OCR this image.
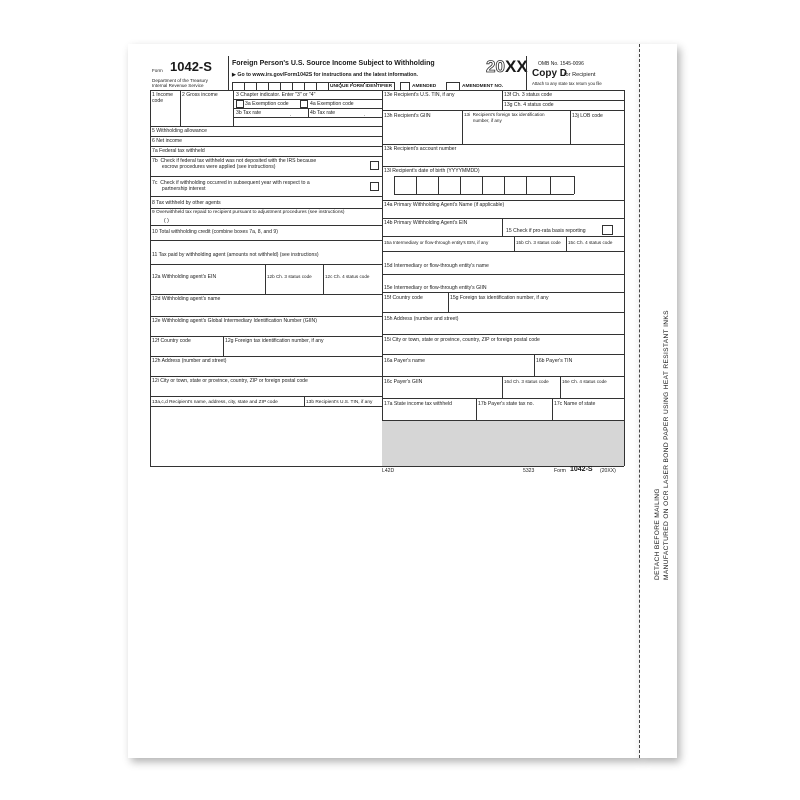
DETACH BEFORE MAILING MANUFACTURED ON OCR LASER BOND PAPER USING HEAT RESISTANT INKS
Form 1042-S
Department of the Treasury
Internal Revenue Service
Foreign Person's U.S. Source Income Subject to Withholding
▶ Go to www.irs.gov/Form1042S for instructions and the latest information.	20 XX OMB No. 1545-0096
Copy D
for Recipient
Attach to any state tax return you file
UNIQUE FORM IDENTIFIER	AMENDED	AMENDMENT NO.
1 Income
code
2 Gross income	3 Chapter indicator. Enter "3" or "4"
3a Exemption code	4a Exemption code
3b Tax rate	4b Tax rate
.	.
5 Withholding allowance
6 Net income
7a Federal tax withheld
7b  Check if federal tax withheld was not deposited with the IRS because
escrow procedures were applied (see instructions)
7c  Check if withholding occurred in subsequent year with respect to a
partnership interest
8 Tax withheld by other agents
9 Overwithheld tax repaid to recipient pursuant to adjustment procedures (see instructions)
( )
10 Total withholding credit (combine boxes 7a, 8, and 9)
11 Tax paid by withholding agent (amounts not withheld) (see instructions)
12a Withholding agent's EIN	12b Ch. 3 status code	12c Ch. 4 status code
12d Withholding agent's name
12e Withholding agent's Global Intermediary Identification Number (GIIN)
12f Country code	12g Foreign tax identification number, if any
12h Address (number and street)
12i City or town, state or province, country, ZIP or foreign postal code
13a,c,d Recipient's name, address, city, state and ZIP code	13b Recipient's U.S. TIN, if any
13e Recipient's U.S. TIN, if any	13f Ch. 3 status code
13g Ch. 4 status code
13h Recipient's GIIN	13i  Recipient's foreign tax identification
number, if any
13j LOB code
13k Recipient's account number
13l Recipient's date of birth (YYYYMMDD)
14a Primary Withholding Agent's Name (if applicable)
14b Primary Withholding Agent's EIN
15 Check if pro-rata basis reporting
15a Intermediary or flow-through entity's EIN, if any	15b Ch. 3 status code 15c Ch. 4 status code
15d Intermediary or flow-through entity's name
15e Intermediary or flow-through entity's GIIN
15f Country code	15g Foreign tax identification number, if any
15h Address (number and street)
15i City or town, state or province, country, ZIP or foreign postal code
16a Payer's name	16b Payer's TIN
16c Payer's GIIN	16d Ch. 3 status code	16e Ch. 4 status code
17a State income tax withheld	17b Payer's state tax no.	17c Name of state
L42D	5323	Form 1042-S (20XX)
